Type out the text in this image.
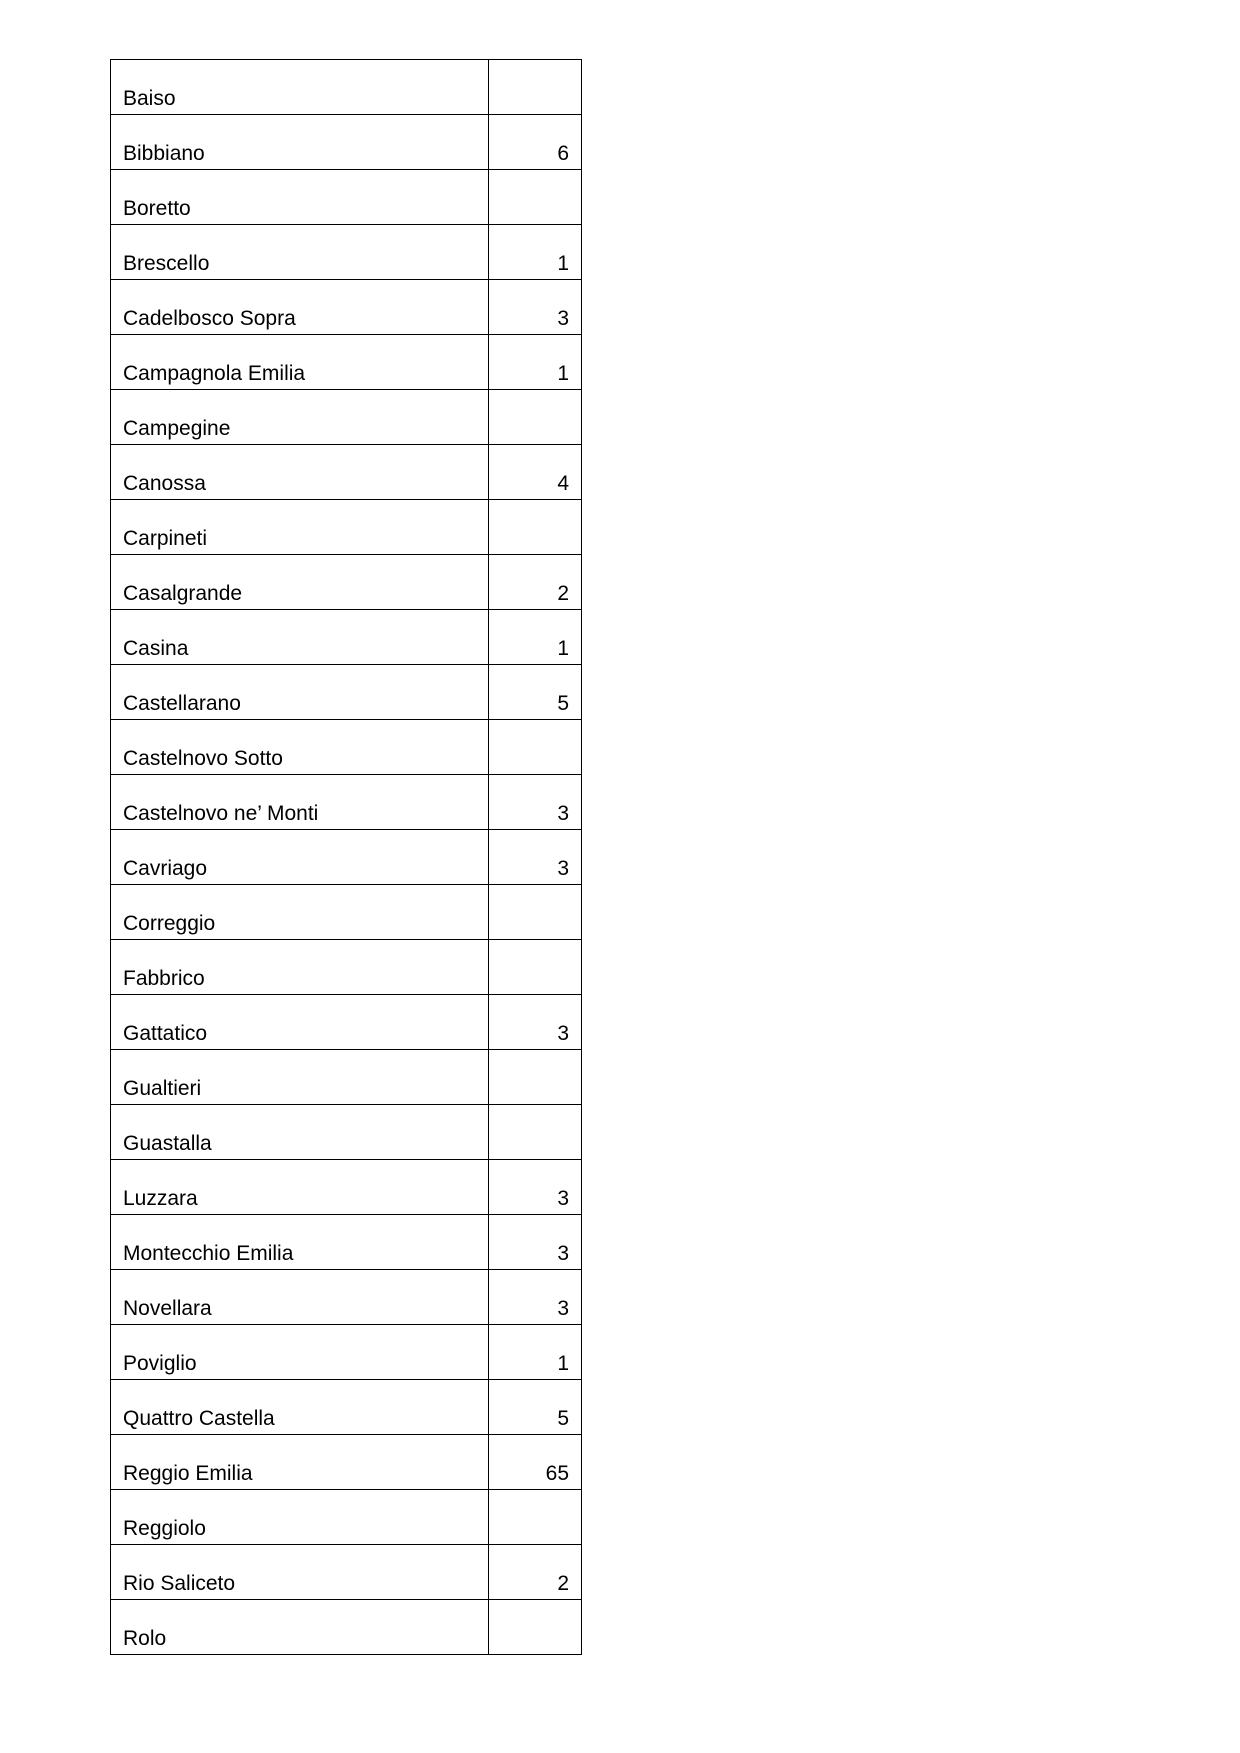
Baiso	
Bibbiano	6
Boretto	
Brescello	1
Cadelbosco Sopra	3
Campagnola Emilia	1
Campegine	
Canossa	4
Carpineti	
Casalgrande	2
Casina	1
Castellarano	5
Castelnovo Sotto	
Castelnovo ne’ Monti	3
Cavriago	3
Correggio	
Fabbrico	
Gattatico	3
Gualtieri	
Guastalla	
Luzzara	3
Montecchio Emilia	3
Novellara	3
Poviglio	1
Quattro Castella	5
Reggio Emilia	65
Reggiolo	
Rio Saliceto	2
Rolo	
